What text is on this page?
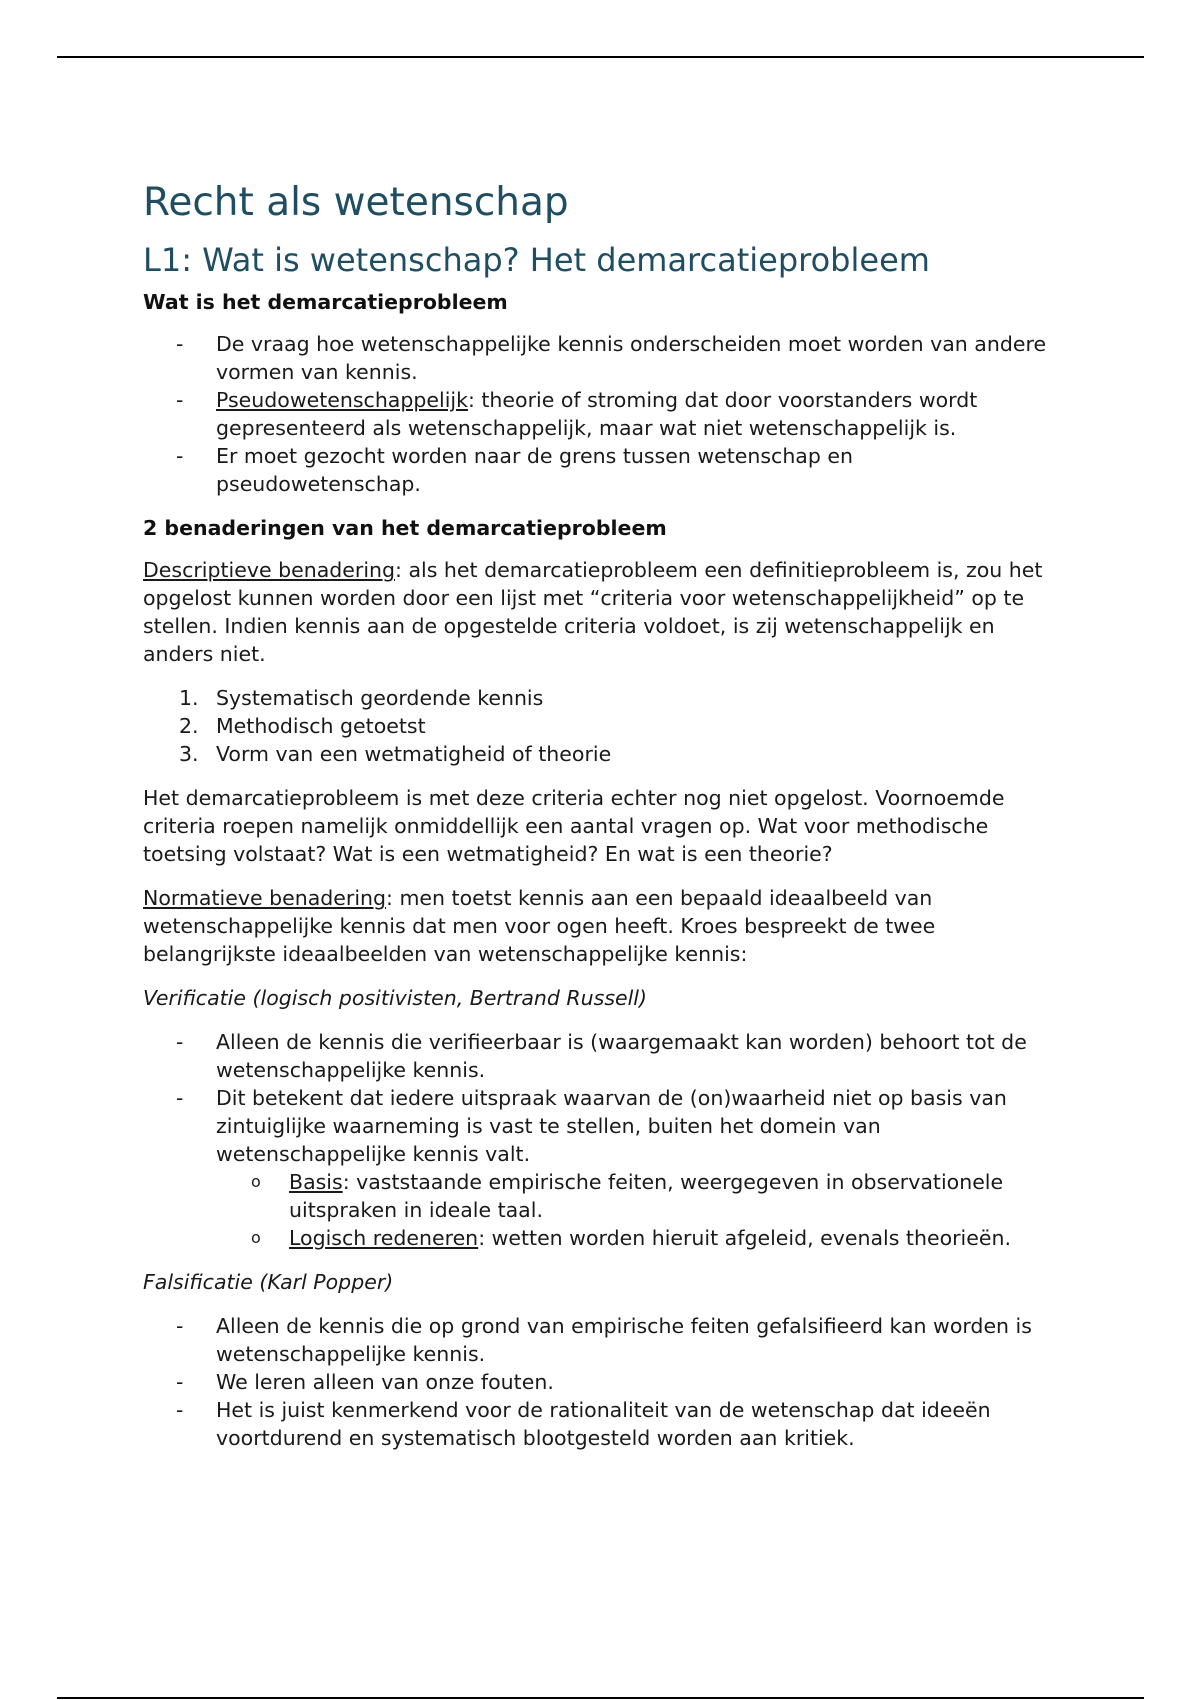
Recht als wetenschap
L1: Wat is wetenschap? Het demarcatieprobleem
Wat is het demarcatieprobleem
-	De vraag hoe wetenschappelijke kennis onderscheiden moet worden van andere vormen van kennis.
-	Pseudowetenschappelijk: theorie of stroming dat door voorstanders wordt gepresenteerd als wetenschappelijk, maar wat niet wetenschappelijk is.
-	Er moet gezocht worden naar de grens tussen wetenschap en pseudowetenschap.
2 benaderingen van het demarcatieprobleem

Descriptieve benadering: als het demarcatieprobleem een definitieprobleem is, zou het opgelost kunnen worden door een lijst met “criteria voor wetenschappelijkheid” op te stellen. Indien kennis aan de opgestelde criteria voldoet, is zij wetenschappelijk en anders niet.

1. Systematisch geordende kennis
2. Methodisch getoetst
3. Vorm van een wetmatigheid of theorie

Het demarcatieprobleem is met deze criteria echter nog niet opgelost. Voornoemde criteria roepen namelijk onmiddellijk een aantal vragen op. Wat voor methodische toetsing volstaat? Wat is een wetmatigheid? En wat is een theorie?

Normatieve benadering: men toetst kennis aan een bepaald ideaalbeeld van wetenschappelijke kennis dat men voor ogen heeft. Kroes bespreekt de twee belangrijkste ideaalbeelden van wetenschappelijke kennis:

Verificatie (logisch positivisten, Bertrand Russell)
-	Alleen de kennis die verifieerbaar is (waargemaakt kan worden) behoort tot de wetenschappelijke kennis.
-	Dit betekent dat iedere uitspraak waarvan de (on)waarheid niet op basis van zintuiglijke waarneming is vast te stellen, buiten het domein van wetenschappelijke kennis valt.
o Basis: vaststaande empirische feiten, weergegeven in observationele uitspraken in ideale taal.
o Logisch redeneren: wetten worden hieruit afgeleid, evenals theorieën.
Falsificatie (Karl Popper)
-	Alleen de kennis die op grond van empirische feiten gefalsifieerd kan worden is wetenschappelijke kennis.
-	We leren alleen van onze fouten.
-	Het is juist kenmerkend voor de rationaliteit van de wetenschap dat ideeën voortdurend en systematisch blootgesteld worden aan kritiek.
